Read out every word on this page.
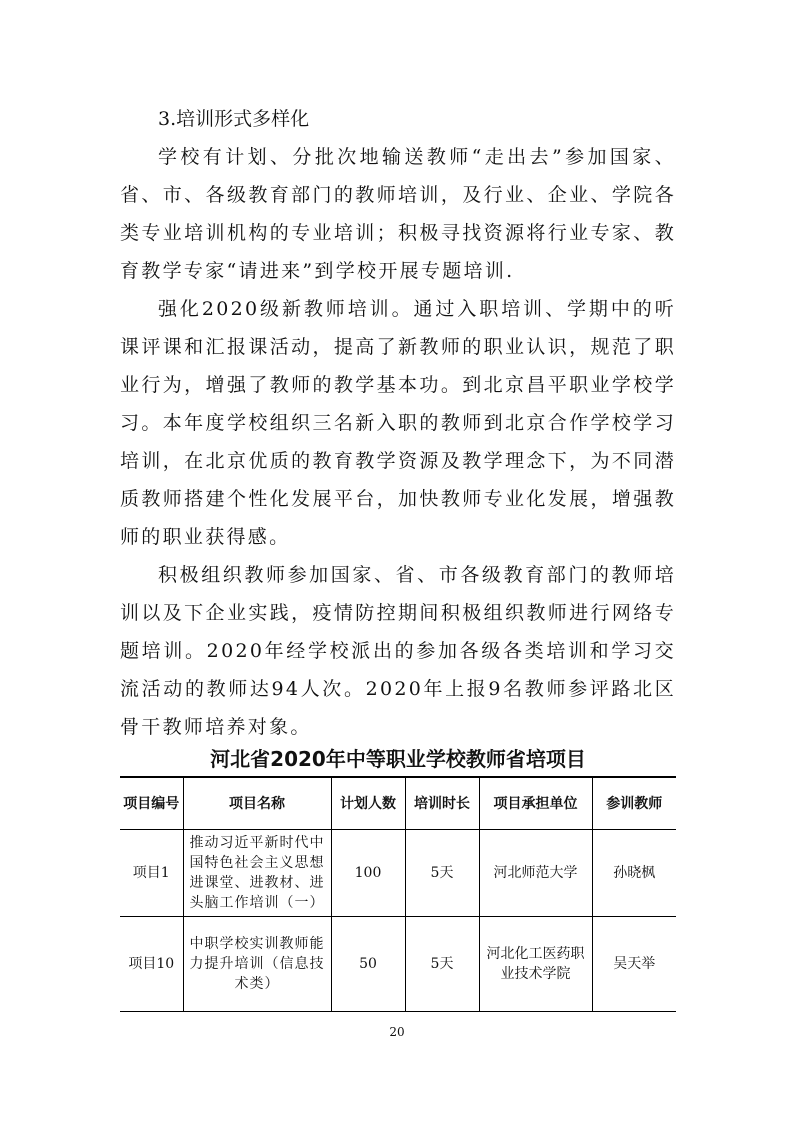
3.培训形式多样化

学校有计划、分批次地输送教师“走出去”参加国家、省、市、各级教育部门的教师培训，及行业、企业、学院各类专业培训机构的专业培训；积极寻找资源将行业专家、教育教学专家“请进来”到学校开展专题培训.

强化2020级新教师培训。通过入职培训、学期中的听课评课和汇报课活动，提高了新教师的职业认识，规范了职业行为，增强了教师的教学基本功。到北京昌平职业学校学习。本年度学校组织三名新入职的教师到北京合作学校学习培训，在北京优质的教育教学资源及教学理念下，为不同潜质教师搭建个性化发展平台，加快教师专业化发展，增强教师的职业获得感。

积极组织教师参加国家、省、市各级教育部门的教师培训以及下企业实践，疫情防控期间积极组织教师进行网络专题培训。2020年经学校派出的参加各级各类培训和学习交流活动的教师达94人次。2020年上报9名教师参评路北区骨干教师培养对象。

河北省2020年中等职业学校教师省培项目

项目编号	项目名称	计划人数	培训时长	项目承担单位	参训教师
项目1	推动习近平新时代中国特色社会主义思想进课堂、进教材、进头脑工作培训（一）	100	5天	河北师范大学	孙晓枫
项目10	中职学校实训教师能力提升培训（信息技术类）	50	5天	河北化工医药职业技术学院	吴天举
20
